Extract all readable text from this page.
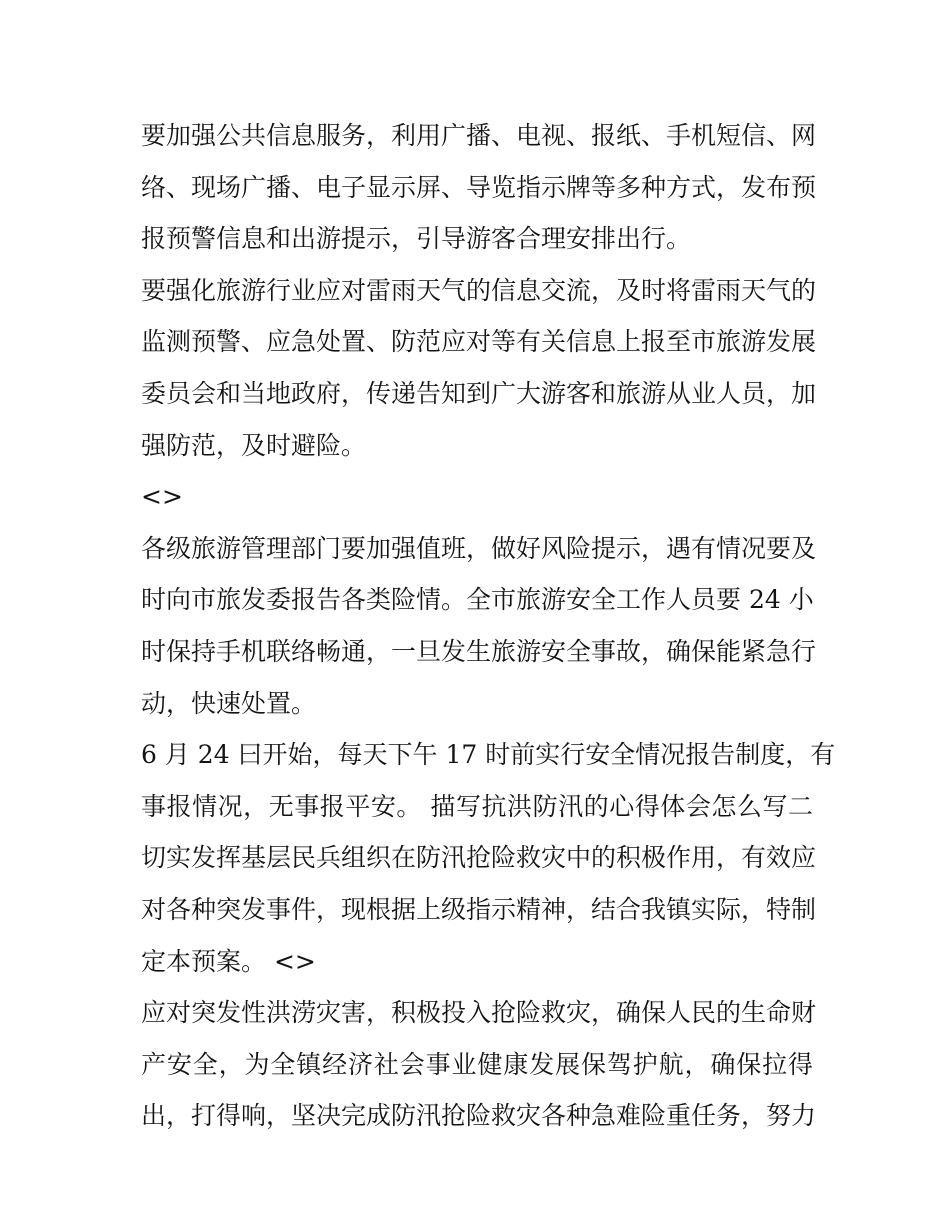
要加强公共信息服务，利用广播、电视、报纸、手机短信、网
络、现场广播、电子显示屏、导览指示牌等多种方式，发布预
报预警信息和出游提示，引导游客合理安排出行。
要强化旅游行业应对雷雨天气的信息交流，及时将雷雨天气的
监测预警、应急处置、防范应对等有关信息上报至市旅游发展
委员会和当地政府，传递告知到广大游客和旅游从业人员，加
强防范，及时避险。
<>
各级旅游管理部门要加强值班，做好风险提示，遇有情况要及
时向市旅发委报告各类险情。全市旅游安全工作人员要 24 小
时保持手机联络畅通，一旦发生旅游安全事故，确保能紧急行
动，快速处置。
6 月 24 曰开始，每天下午 17 时前实行安全情况报告制度，有
事报情况，无事报平安。 描写抗洪防汛的心得体会怎么写二
切实发挥基层民兵组织在防汛抢险救灾中的积极作用，有效应
对各种突发事件，现根据上级指示精神，结合我镇实际，特制
定本预案。 <>
应对突发性洪涝灾害，积极投入抢险救灾，确保人民的生命财
产安全，为全镇经济社会事业健康发展保驾护航，确保拉得
出，打得响，坚决完成防汛抢险救灾各种急难险重任务，努力
